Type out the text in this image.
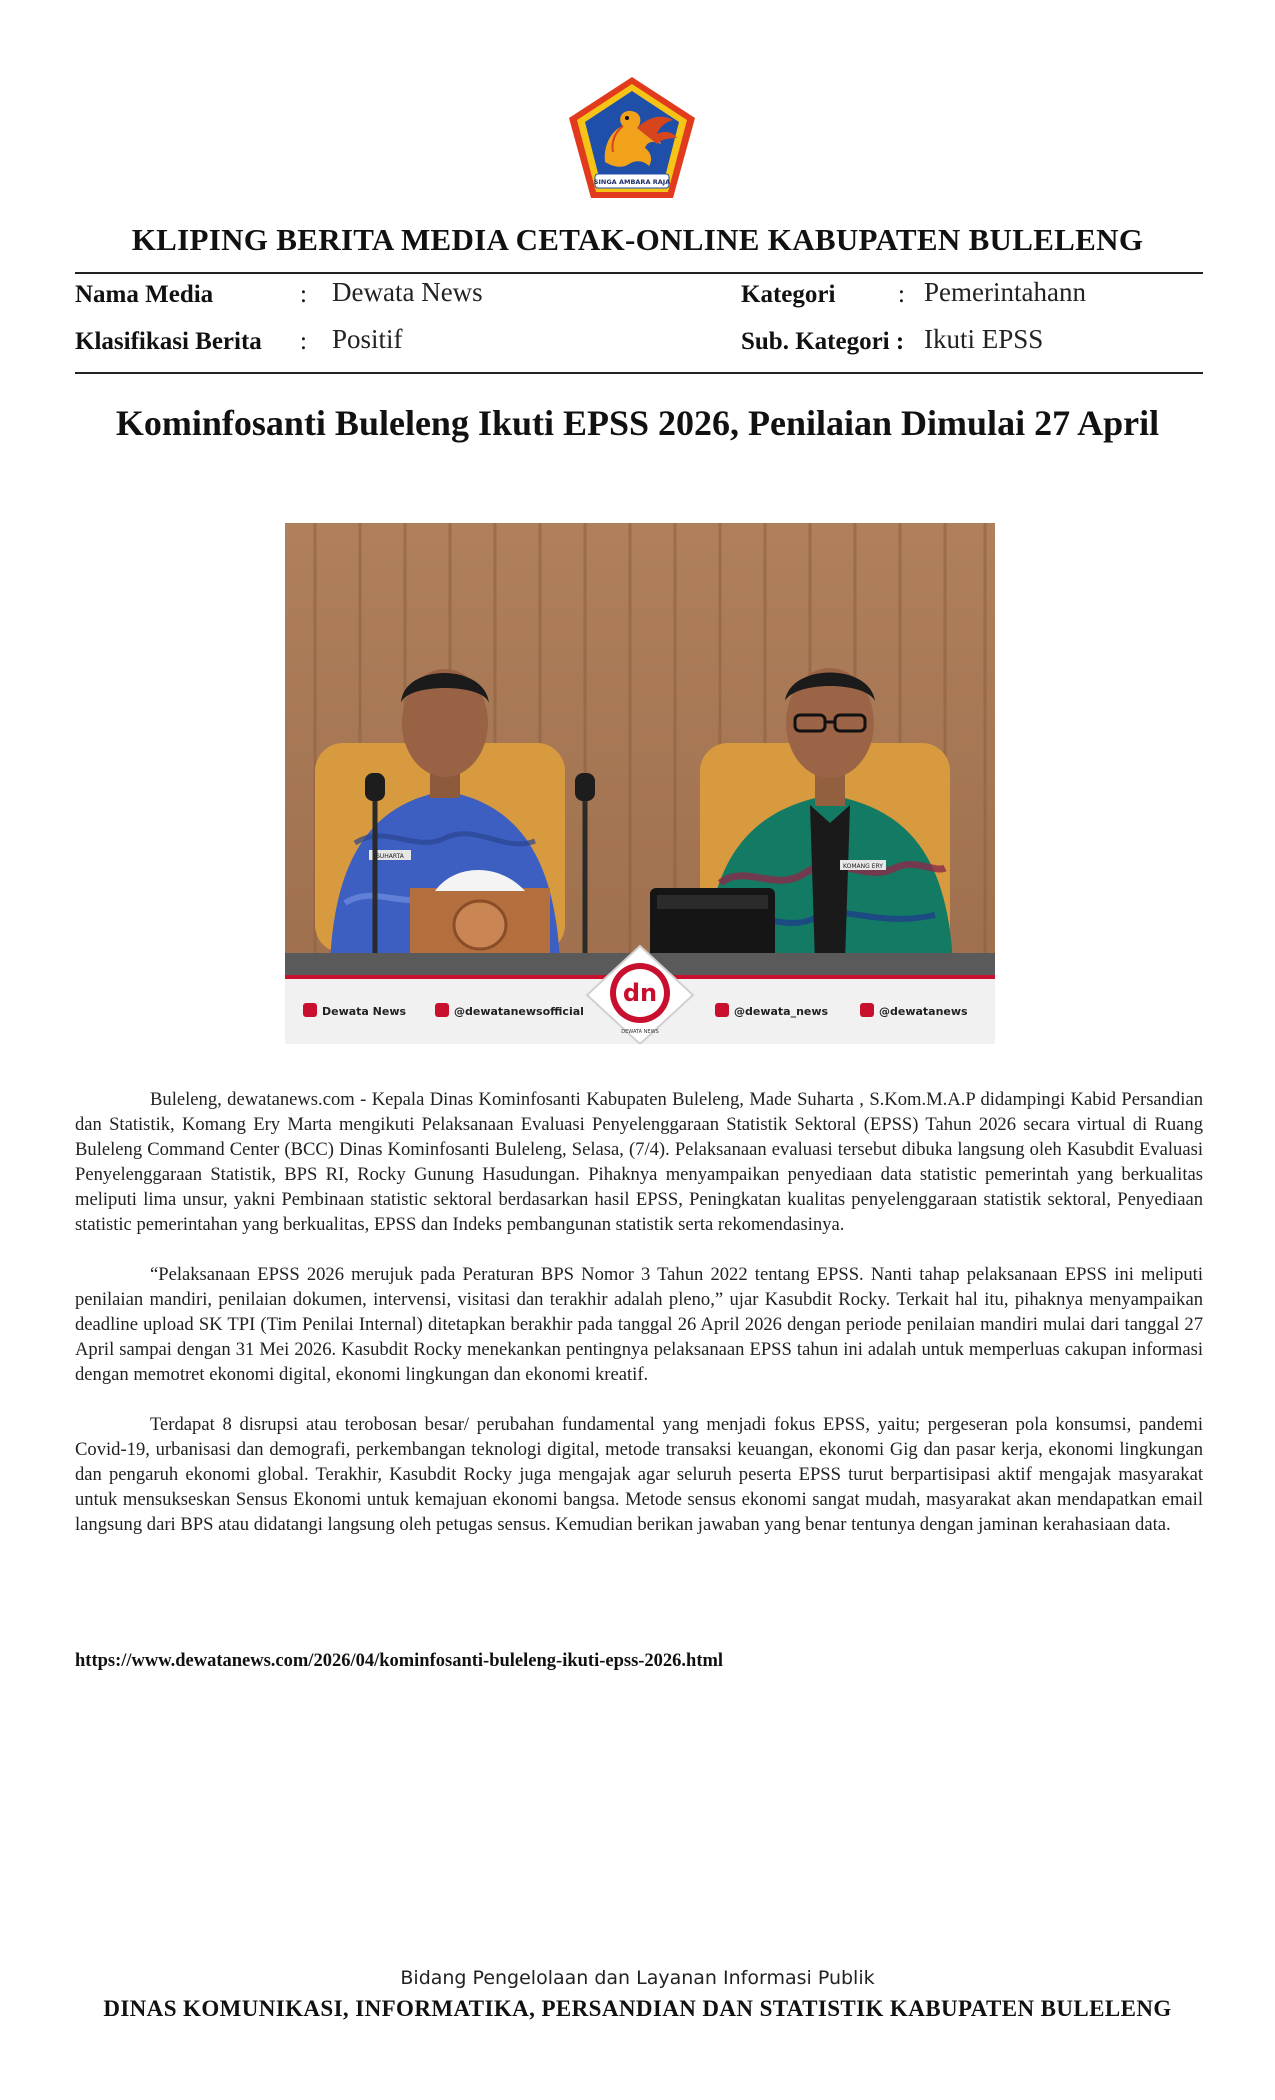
SINGA AMBARA RAJA
KLIPING BERITA MEDIA CETAK-ONLINE KABUPATEN BULELENG
Nama Media	: Dewata News	Kategori	: Pemerintahann
Klasifikasi Berita : Positif	Sub. Kategori : Ikuti EPSS
Kominfosanti Buleleng Ikuti EPSS 2026, Penilaian Dimulai 27 April
SUHARTA
KOMANG ERY
Dewata News	@dewatanewsofficial	@dewata_news	@dewatanews
dn
DEWATA NEWS

Buleleng, dewatanews.com - Kepala Dinas Kominfosanti Kabupaten Buleleng, Made Suharta , S.Kom.M.A.P didampingi Kabid Persandian dan Statistik, Komang Ery Marta mengikuti Pelaksanaan Evaluasi Penyelenggaraan Statistik Sektoral (EPSS) Tahun 2026 secara virtual di Ruang Buleleng Command Center (BCC) Dinas Kominfosanti Buleleng, Selasa, (7/4). Pelaksanaan evaluasi tersebut dibuka langsung oleh Kasubdit Evaluasi Penyelenggaraan Statistik, BPS RI, Rocky Gunung Hasudungan. Pihaknya menyampaikan penyediaan data statistic pemerintah yang berkualitas meliputi lima unsur, yakni Pembinaan statistic sektoral berdasarkan hasil EPSS, Peningkatan kualitas penyelenggaraan statistik sektoral, Penyediaan statistic pemerintahan yang berkualitas, EPSS dan Indeks pembangunan statistik serta rekomendasinya.

“Pelaksanaan EPSS 2026 merujuk pada Peraturan BPS Nomor 3 Tahun 2022 tentang EPSS. Nanti tahap pelaksanaan EPSS ini meliputi penilaian mandiri, penilaian dokumen, intervensi, visitasi dan terakhir adalah pleno,” ujar Kasubdit Rocky. Terkait hal itu, pihaknya menyampaikan deadline upload SK TPI (Tim Penilai Internal) ditetapkan berakhir pada tanggal 26 April 2026 dengan periode penilaian mandiri mulai dari tanggal 27 April sampai dengan 31 Mei 2026. Kasubdit Rocky menekankan pentingnya pelaksanaan EPSS tahun ini adalah untuk memperluas cakupan informasi dengan memotret ekonomi digital, ekonomi lingkungan dan ekonomi kreatif.

Terdapat 8 disrupsi atau terobosan besar/ perubahan fundamental yang menjadi fokus EPSS, yaitu; pergeseran pola konsumsi, pandemi Covid-19, urbanisasi dan demografi, perkembangan teknologi digital, metode transaksi keuangan, ekonomi Gig dan pasar kerja, ekonomi lingkungan dan pengaruh ekonomi global. Terakhir, Kasubdit Rocky juga mengajak agar seluruh peserta EPSS turut berpartisipasi aktif mengajak masyarakat untuk mensukseskan Sensus Ekonomi untuk kemajuan ekonomi bangsa. Metode sensus ekonomi sangat mudah, masyarakat akan mendapatkan email langsung dari BPS atau didatangi langsung oleh petugas sensus. Kemudian berikan jawaban yang benar tentunya dengan jaminan kerahasiaan data.

https://www.dewatanews.com/2026/04/kominfosanti-buleleng-ikuti-epss-2026.html
Bidang Pengelolaan dan Layanan Informasi Publik
DINAS KOMUNIKASI, INFORMATIKA, PERSANDIAN DAN STATISTIK KABUPATEN BULELENG
